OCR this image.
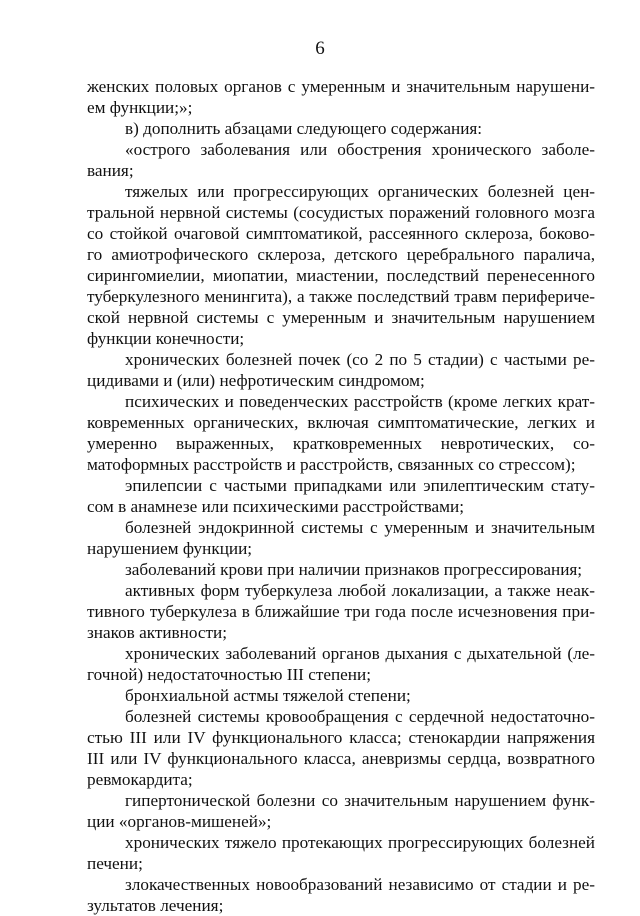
6
женских половых органов с умеренным и значительным нарушени-
ем функции;»;
в) дополнить абзацами следующего содержания:
«острого заболевания или обострения хронического заболе-
вания;
тяжелых или прогрессирующих органических болезней цен-
тральной нервной системы (сосудистых поражений головного мозга
со стойкой очаговой симптоматикой, рассеянного склероза, боково-
го амиотрофического склероза, детского церебрального паралича,
сирингомиелии, миопатии, миастении, последствий перенесенного
туберкулезного менингита), а также последствий травм перифериче-
ской нервной системы с умеренным и значительным нарушением
функции конечности;
хронических болезней почек (со 2 по 5 стадии) с частыми ре-
цидивами и (или) нефротическим синдромом;
психических и поведенческих расстройств (кроме легких крат-
ковременных органических, включая симптоматические, легких и
умеренно выраженных, кратковременных невротических, со-
матоформных расстройств и расстройств, связанных со стрессом);
эпилепсии с частыми припадками или эпилептическим стату-
сом в анамнезе или психическими расстройствами;
болезней эндокринной системы с умеренным и значительным
нарушением функции;
заболеваний крови при наличии признаков прогрессирования;
активных форм туберкулеза любой локализации, а также неак-
тивного туберкулеза в ближайшие три года после исчезновения при-
знаков активности;
хронических заболеваний органов дыхания с дыхательной (ле-
гочной) недостаточностью III степени;
бронхиальной астмы тяжелой степени;
болезней системы кровообращения с сердечной недостаточно-
стью III или IV функционального класса; стенокардии напряжения
III или IV функционального класса, аневризмы сердца, возвратного
ревмокардита;
гипертонической болезни со значительным нарушением функ-
ции «органов-мишеней»;
хронических тяжело протекающих прогрессирующих болезней
печени;
злокачественных новообразований независимо от стадии и ре-
зультатов лечения;
